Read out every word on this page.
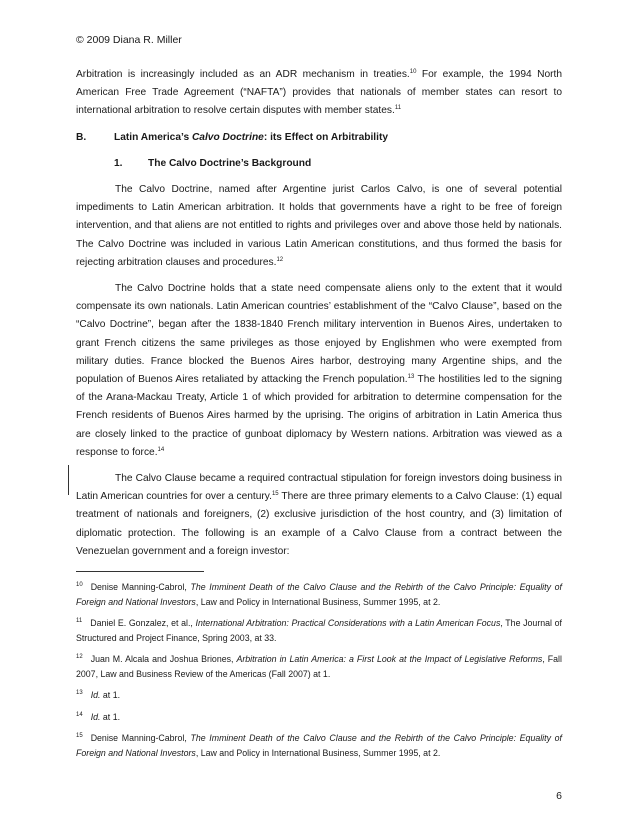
© 2009 Diana R. Miller

Arbitration is increasingly included as an ADR mechanism in treaties.$^{10}$ For example, the 1994 North American Free Trade Agreement (“NAFTA”) provides that nationals of member states can resort to international arbitration to resolve certain disputes with member states.$^{11}$

B.	Latin America’s Calvo Doctrine: its Effect on Arbitrability
1.	The Calvo Doctrine’s Background

The Calvo Doctrine, named after Argentine jurist Carlos Calvo, is one of several potential impediments to Latin American arbitration. It holds that governments have a right to be free of foreign intervention, and that aliens are not entitled to rights and privileges over and above those held by nationals. The Calvo Doctrine was included in various Latin American constitutions, and thus formed the basis for rejecting arbitration clauses and procedures.$^{12}$

The Calvo Doctrine holds that a state need compensate aliens only to the extent that it would compensate its own nationals. Latin American countries’ establishment of the “Calvo Clause”, based on the “Calvo Doctrine”, began after the 1838-1840 French military intervention in Buenos Aires, undertaken to grant French citizens the same privileges as those enjoyed by Englishmen who were exempted from military duties. France blocked the Buenos Aires harbor, destroying many Argentine ships, and the population of Buenos Aires retaliated by attacking the French population.$^{13}$ The hostilities led to the signing of the Arana-Mackau Treaty, Article 1 of which provided for arbitration to determine compensation for the French residents of Buenos Aires harmed by the uprising. The origins of arbitration in Latin America thus are closely linked to the practice of gunboat diplomacy by Western nations. Arbitration was viewed as a response to force.$^{14}$

The Calvo Clause became a required contractual stipulation for foreign investors doing business in Latin American countries for over a century.$^{15}$ There are three primary elements to a Calvo Clause: (1) equal treatment of nationals and foreigners, (2) exclusive jurisdiction of the host country, and (3) limitation of diplomatic protection. The following is an example of a Calvo Clause from a contract between the Venezuelan government and a foreign investor:

$^{10}$ Denise Manning-Cabrol, The Imminent Death of the Calvo Clause and the Rebirth of the Calvo Principle: Equality of Foreign and National Investors, Law and Policy in International Business, Summer 1995, at 2.

$^{11}$ Daniel E. Gonzalez, et al., International Arbitration: Practical Considerations with a Latin American Focus, The Journal of Structured and Project Finance, Spring 2003, at 33.

$^{12}$ Juan M. Alcala and Joshua Briones, Arbitration in Latin America: a First Look at the Impact of Legislative Reforms, Fall 2007, Law and Business Review of the Americas (Fall 2007) at 1.

$^{13}$ Id. at 1.

$^{14}$ Id. at 1.

$^{15}$ Denise Manning-Cabrol, The Imminent Death of the Calvo Clause and the Rebirth of the Calvo Principle: Equality of Foreign and National Investors, Law and Policy in International Business, Summer 1995, at 2.

6
